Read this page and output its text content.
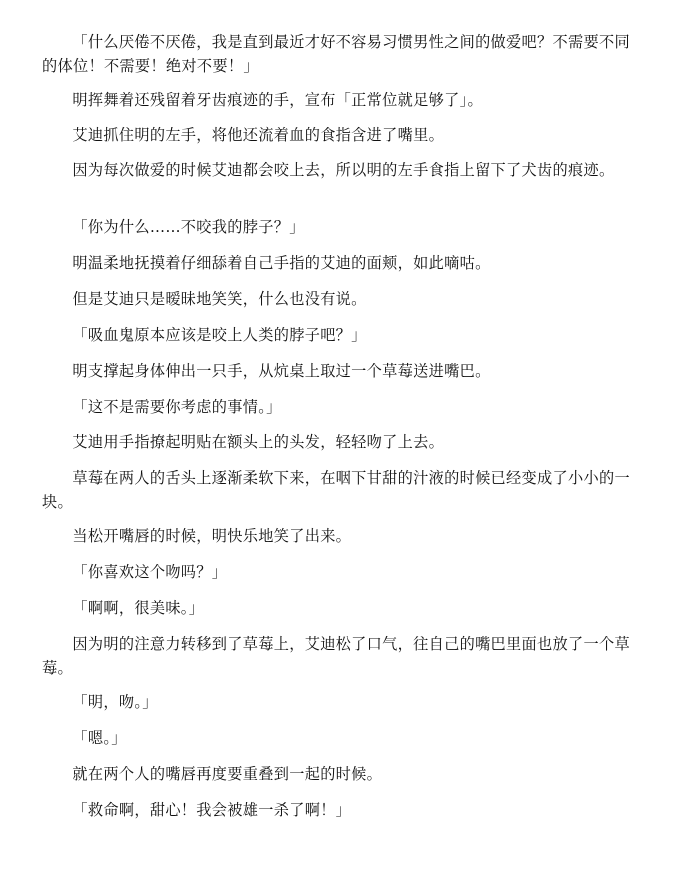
「什么厌倦不厌倦，我是直到最近才好不容易习惯男性之间的做爱吧？不需要不同的体位！不需要！绝对不要！」

明挥舞着还残留着牙齿痕迹的手，宣布「正常位就足够了」。

艾迪抓住明的左手，将他还流着血的食指含进了嘴里。

因为每次做爱的时候艾迪都会咬上去，所以明的左手食指上留下了犬齿的痕迹。

「你为什么……不咬我的脖子？」

明温柔地抚摸着仔细舔着自己手指的艾迪的面颊，如此嘀咕。

但是艾迪只是暧昧地笑笑，什么也没有说。

「吸血鬼原本应该是咬上人类的脖子吧？」

明支撑起身体伸出一只手，从炕桌上取过一个草莓送进嘴巴。

「这不是需要你考虑的事情。」

艾迪用手指撩起明贴在额头上的头发，轻轻吻了上去。

草莓在两人的舌头上逐渐柔软下来，在咽下甘甜的汁液的时候已经变成了小小的一块。

当松开嘴唇的时候，明快乐地笑了出来。

「你喜欢这个吻吗？」

「啊啊，很美味。」

因为明的注意力转移到了草莓上，艾迪松了口气，往自己的嘴巴里面也放了一个草莓。

「明，吻。」

「嗯。」

就在两个人的嘴唇再度要重叠到一起的时候。

「救命啊，甜心！我会被雄一杀了啊！」
